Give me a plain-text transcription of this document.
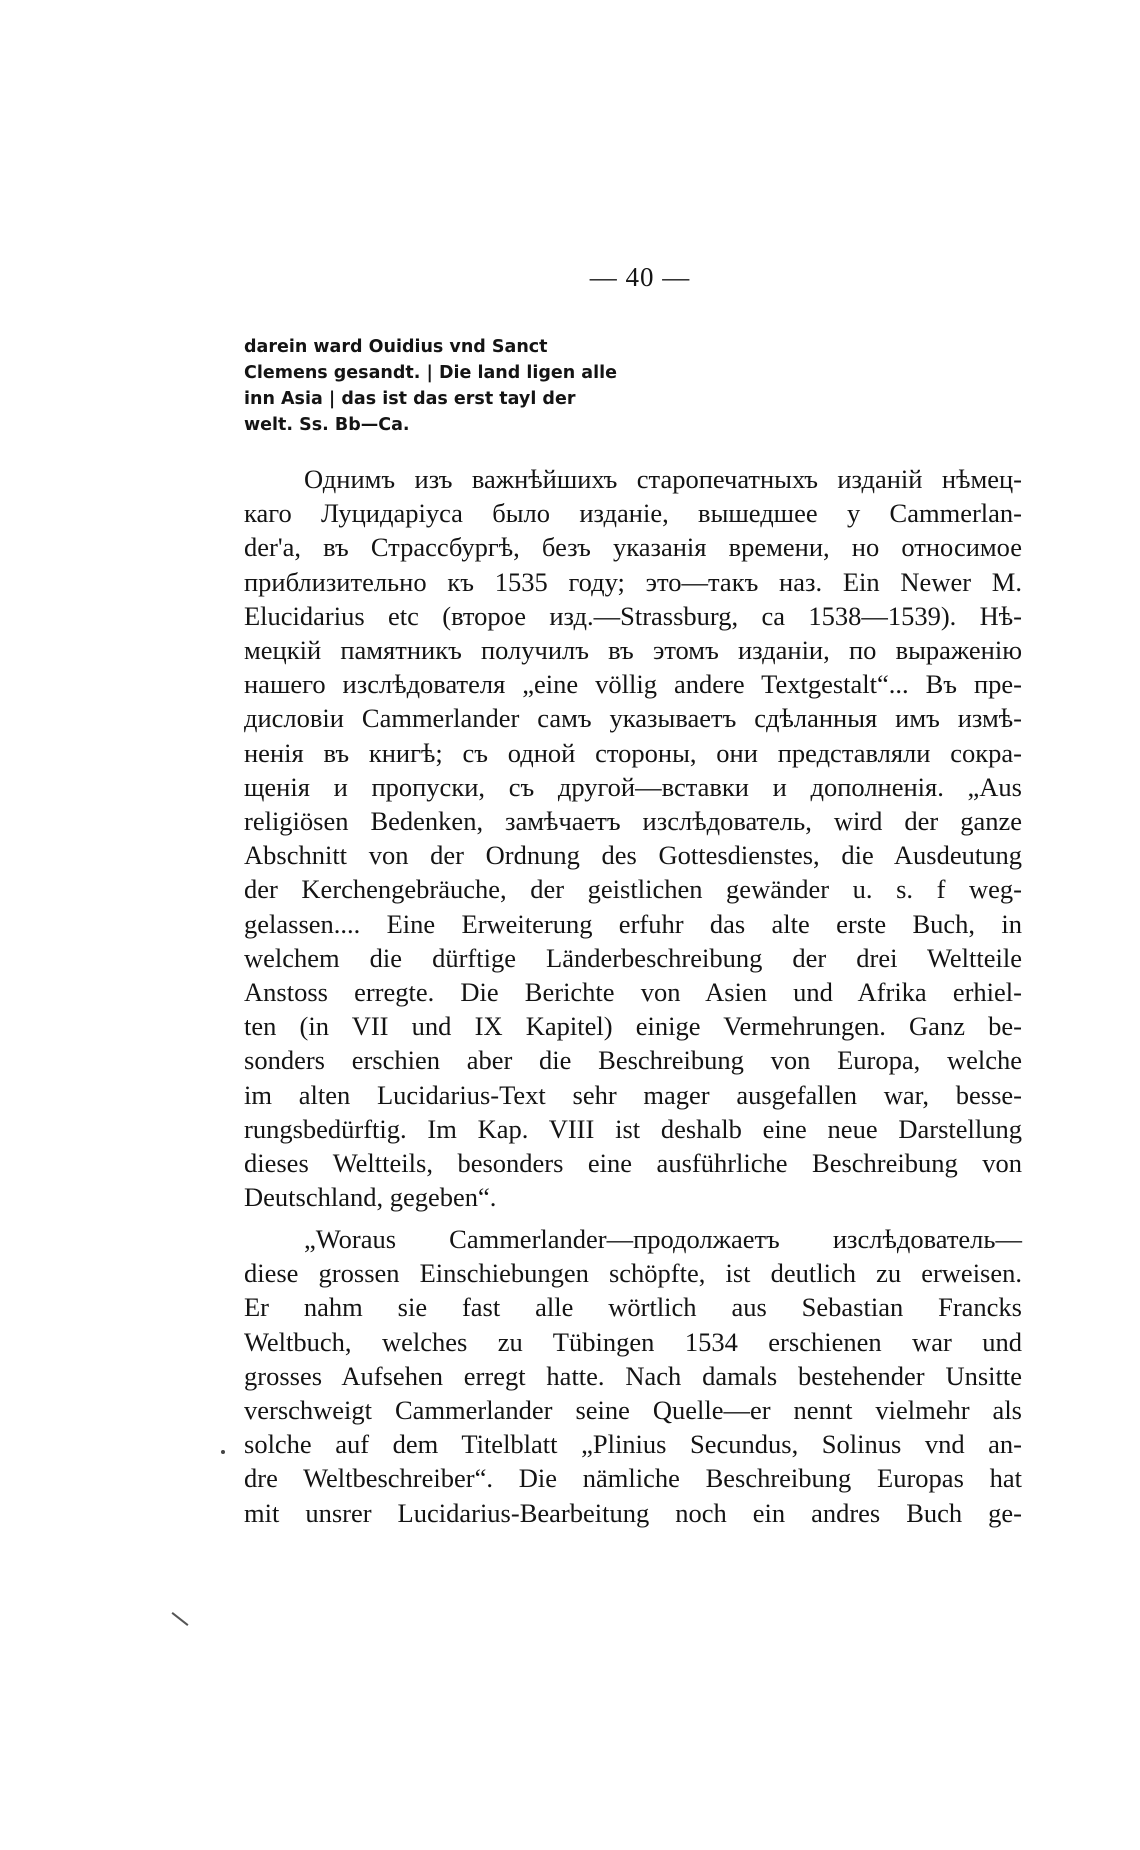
— 40 —
darein ward Ouidius vnd Sanct
Clemens gesandt. | Die land ligen alle
inn Asia | das ist das erst tayl der
welt. Ss. Bb—Ca.
Однимъ изъ важнѣйшихъ старопечатныхъ изданій нѣмец-
каго Луцидаріуса было изданіе, вышедшее у Cammerlan-
der'a, въ Страссбургѣ, безъ указанія времени, но относимое
приблизительно къ 1535 году; это—такъ наз. Ein Newer M.
Elucidarius etc (второе изд.—Strassburg, ca 1538—1539). Нѣ-
мецкій памятникъ получилъ въ этомъ изданіи, по выраженію
нашего изслѣдователя „eine völlig andere Textgestalt“... Въ пре-
дисловіи Cammerlander самъ указываетъ сдѣланныя имъ измѣ-
ненія въ книгѣ; съ одной стороны, они представляли сокра-
щенія и пропуски, съ другой—вставки и дополненія. „Aus
religiösen Bedenken, замѣчаетъ изслѣдователь, wird der ganze
Abschnitt von der Ordnung des Gottesdienstes, die Ausdeutung
der Kerchengebräuche, der geistlichen gewänder u. s. f weg-
gelassen.... Eine Erweiterung erfuhr das alte erste Buch, in
welchem die dürftige Länderbeschreibung der drei Weltteile
Anstoss erregte. Die Berichte von Asien und Afrika erhiel-
ten (in VII und IX Kapitel) einige Vermehrungen. Ganz be-
sonders erschien aber die Beschreibung von Europa, welche
im alten Lucidarius-Text sehr mager ausgefallen war, besse-
rungsbedürftig. Im Kap. VIII ist deshalb eine neue Darstellung
dieses Weltteils, besonders eine ausführliche Beschreibung von
Deutschland, gegeben“.
„Woraus Cammerlander—продолжаетъ изслѣдователь—
diese grossen Einschiebungen schöpfte, ist deutlich zu erweisen.
Er nahm sie fast alle wörtlich aus Sebastian Francks
Weltbuch, welches zu Tübingen 1534 erschienen war und
grosses Aufsehen erregt hatte. Nach damals bestehender Unsitte
verschweigt Cammerlander seine Quelle—er nennt vielmehr als
solche auf dem Titelblatt „Plinius Secundus, Solinus vnd an-
dre Weltbeschreiber“. Die nämliche Beschreibung Europas hat
mit unsrer Lucidarius-Bearbeitung noch ein andres Buch ge-
